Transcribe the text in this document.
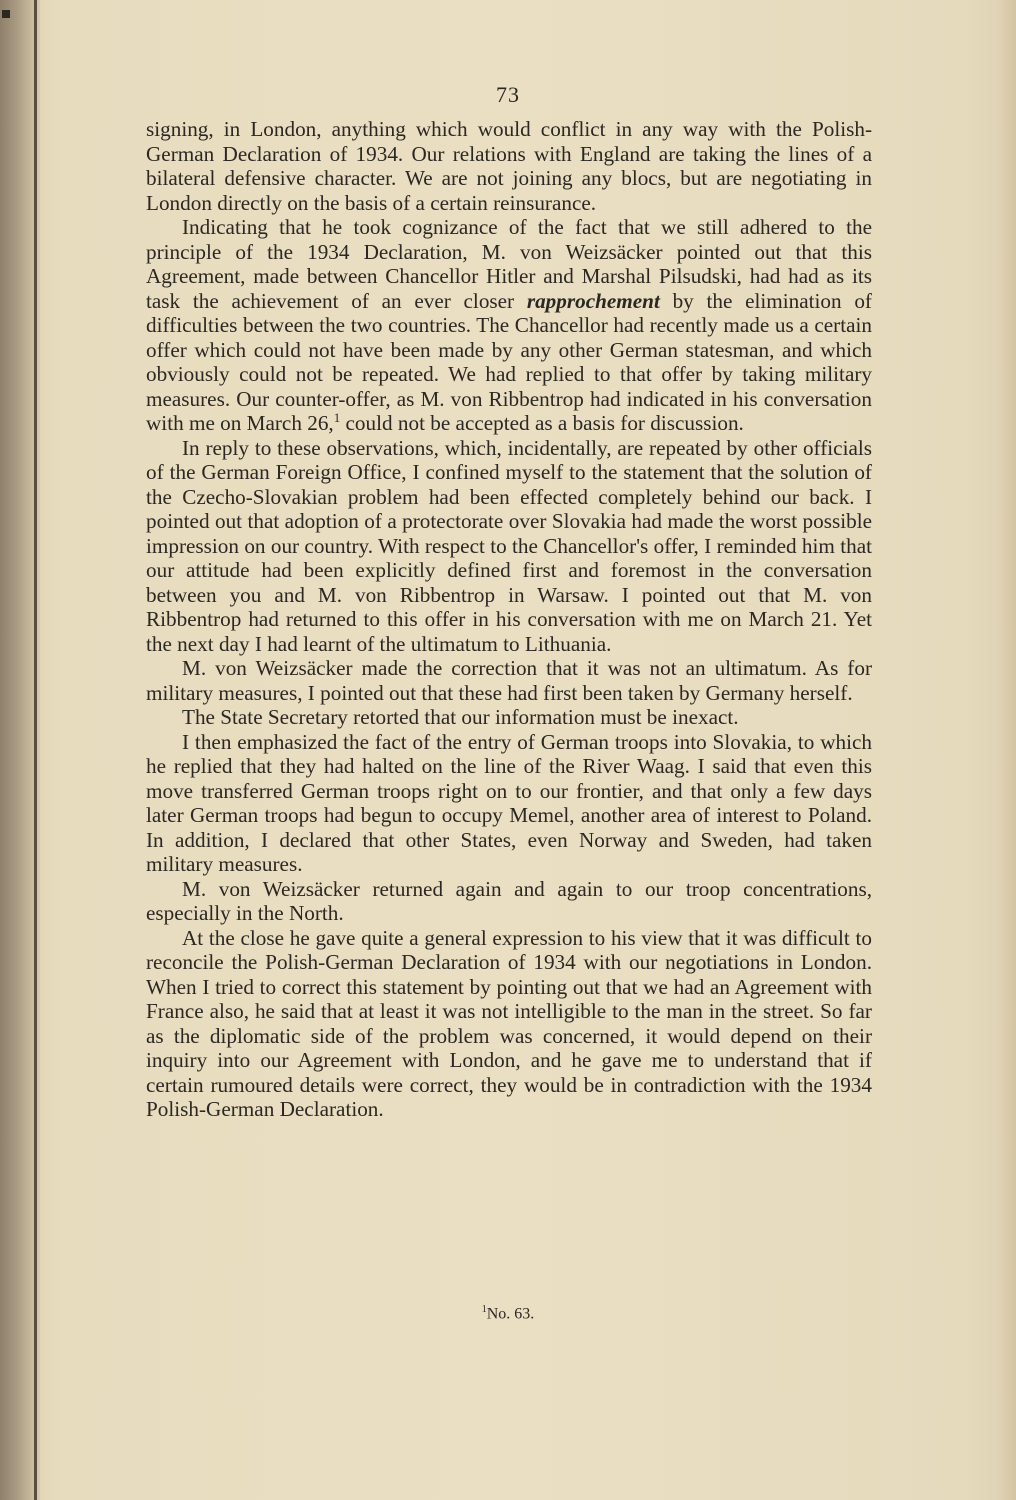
73

signing, in London, anything which would conflict in any way with the Polish-German Declaration of 1934. Our relations with England are taking the lines of a bilateral defensive character. We are not joining any blocs, but are negotiating in London directly on the basis of a certain reinsurance.

Indicating that he took cognizance of the fact that we still adhered to the principle of the 1934 Declaration, M. von Weizsäcker pointed out that this Agreement, made between Chancellor Hitler and Marshal Pilsudski, had had as its task the achievement of an ever closer rapprochement by the elimination of difficulties between the two countries. The Chancellor had recently made us a certain offer which could not have been made by any other German statesman, and which obviously could not be repeated. We had replied to that offer by taking military measures. Our counter-offer, as M. von Ribbentrop had indicated in his conversation with me on March 26,$^1$ could not be accepted as a basis for discussion.

In reply to these observations, which, incidentally, are repeated by other officials of the German Foreign Office, I confined myself to the statement that the solution of the Czecho-Slovakian problem had been effected completely behind our back. I pointed out that adoption of a protectorate over Slovakia had made the worst possible impression on our country. With respect to the Chancellor's offer, I reminded him that our attitude had been explicitly defined first and foremost in the conversation between you and M. von Ribbentrop in Warsaw. I pointed out that M. von Ribbentrop had returned to this offer in his conversation with me on March 21. Yet the next day I had learnt of the ultimatum to Lithuania.

M. von Weizsäcker made the correction that it was not an ultimatum. As for military measures, I pointed out that these had first been taken by Germany herself.

The State Secretary retorted that our information must be inexact.

I then emphasized the fact of the entry of German troops into Slovakia, to which he replied that they had halted on the line of the River Waag. I said that even this move transferred German troops right on to our frontier, and that only a few days later German troops had begun to occupy Memel, another area of interest to Poland. In addition, I declared that other States, even Norway and Sweden, had taken military measures.

M. von Weizsäcker returned again and again to our troop concentrations, especially in the North.

At the close he gave quite a general expression to his view that it was difficult to reconcile the Polish-German Declaration of 1934 with our negotiations in London. When I tried to correct this statement by pointing out that we had an Agreement with France also, he said that at least it was not intelligible to the man in the street. So far as the diplomatic side of the problem was concerned, it would depend on their inquiry into our Agreement with London, and he gave me to understand that if certain rumoured details were correct, they would be in contradiction with the 1934 Polish-German Declaration.

$^1$No. 63.
